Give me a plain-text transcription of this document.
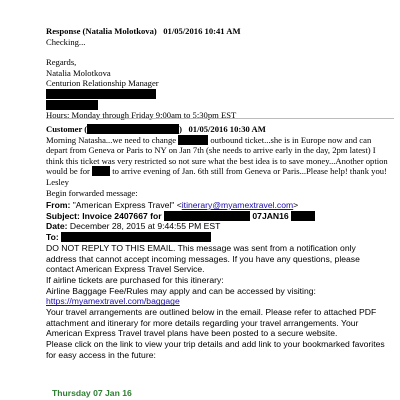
Response (Natalia Molotkova) 01/05/2016 10:41 AM
Checking...
Regards,
Natalia Molotkova
Centurion Relationship Manager
Hours: Monday through Friday 9:00am to 5:30pm EST
Customer (	) 01/05/2016 10:30 AM
Morning Natasha...we need to change	outbound ticket...she is in Europe now and can depart from Geneva or Paris to NY on Jan 7th (she needs to arrive early in the day, 2pm latest) I think this ticket was very restricted so not sure what the best idea is to save money...Another option would be for	to arrive evening of Jan. 6th still from Geneva or Paris...Please help! thank you! Lesley
Begin forwarded message:
From: "American Express Travel" <itinerary@myamextravel.com>
Subject: Invoice 2407667 for	07JAN16
Date: December 28, 2015 at 9:44:55 PM EST
To:
DO NOT REPLY TO THIS EMAIL. This message was sent from a notification only address that cannot accept incoming messages. If you have any questions, please contact American Express Travel Service.
If airline tickets are purchased for this itinerary:
Airline Baggage Fee/Rules may apply and can be accessed by visiting:
https://myamextravel.com/baggage
Your travel arrangements are outlined below in the email. Please refer to attached PDF attachment and itinerary for more details regarding your travel arrangements. Your American Express Travel travel plans have been posted to a secure website.
Please click on the link to view your trip details and add link to your bookmarked favorites for easy access in the future:
Thursday 07 Jan 16
